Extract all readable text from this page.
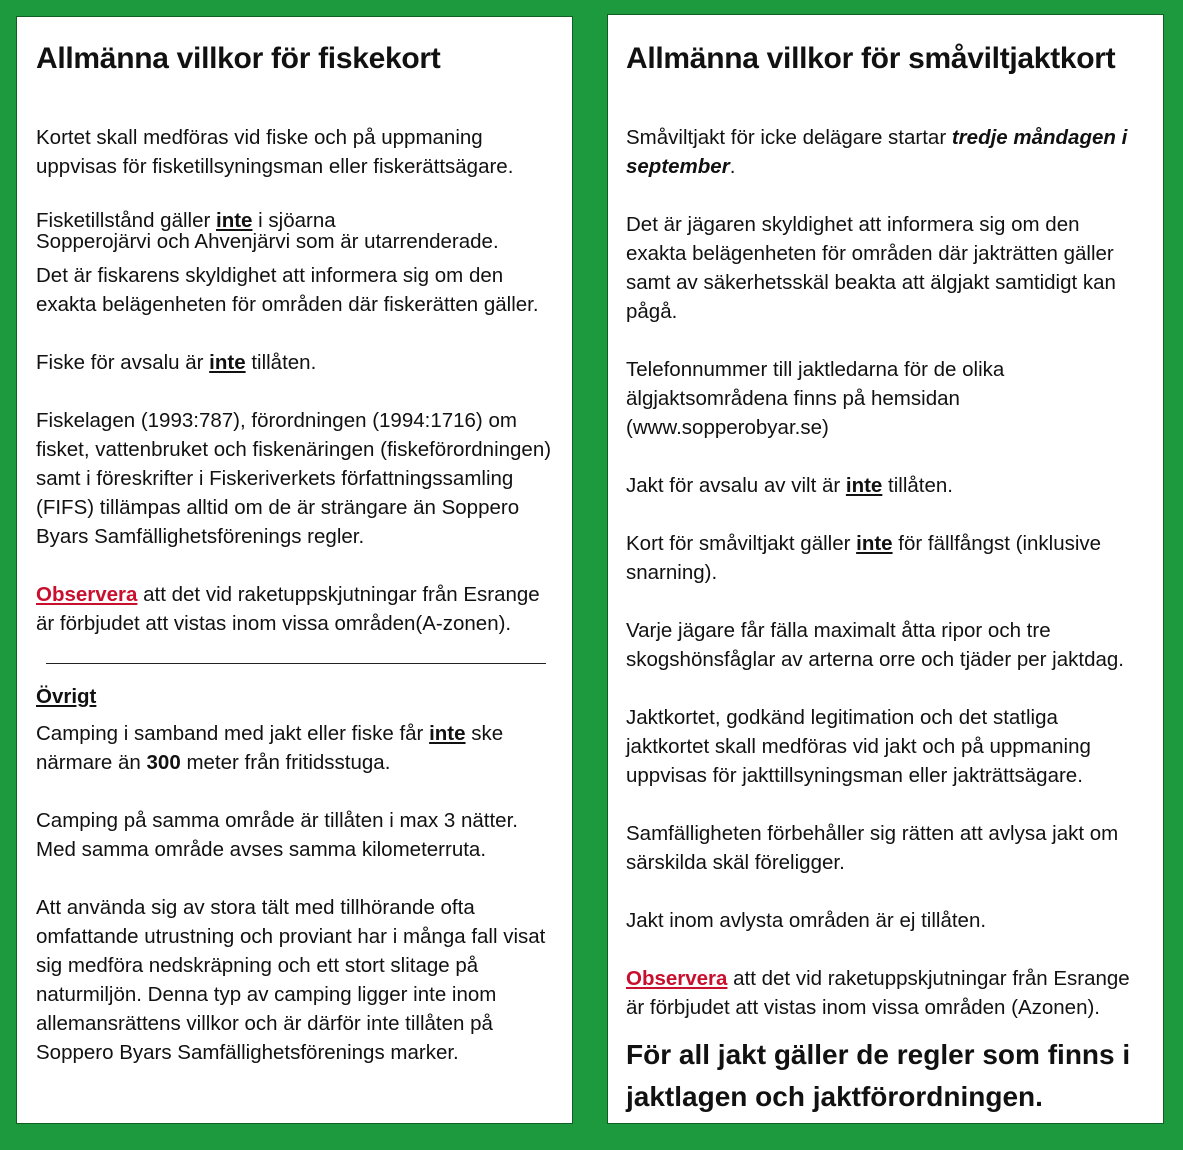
Allmänna villkor för fiskekort

Kortet skall medföras vid fiske och på uppmaning uppvisas för fisketillsyningsman eller fiskerättsägare.

Fisketillstånd gäller inte i sjöarna
Sopperojärvi och Ahvenjärvi som är utarrenderade.

Det är fiskarens skyldighet att informera sig om den exakta belägenheten för områden där fiskerätten gäller.

Fiske för avsalu är inte tillåten.

Fiskelagen (1993:787), förordningen (1994:1716) om fisket, vattenbruket och fiskenäringen (fiskeförordningen) samt i föreskrifter i Fiskeriverkets författningssamling (FIFS) tillämpas alltid om de är strängare än Soppero Byars Samfällighetsförenings regler.

Observera att det vid raketuppskjutningar från Esrange är förbjudet att vistas inom vissa områden(A-zonen).

Övrigt

Camping i samband med jakt eller fiske får inte ske närmare än 300 meter från fritidsstuga.

Camping på samma område är tillåten i max 3 nätter. Med samma område avses samma kilometerruta.

Att använda sig av stora tält med tillhörande ofta omfattande utrustning och proviant har i många fall visat sig medföra nedskräpning och ett stort slitage på naturmiljön. Denna typ av camping ligger inte inom allemansrättens villkor och är därför inte tillåten på Soppero Byars Samfällighetsförenings marker.

Allmänna villkor för småviltjaktkort

Småviltjakt för icke delägare startar tredje måndagen i september.

Det är jägaren skyldighet att informera sig om den exakta belägenheten för områden där jakträtten gäller samt av säkerhetsskäl beakta att älgjakt samtidigt kan pågå.

Telefonnummer till jaktledarna för de olika älgjaktsområdena finns på hemsidan (www.sopperobyar.se)

Jakt för avsalu av vilt är inte tillåten.

Kort för småviltjakt gäller inte för fällfångst (inklusive snarning).

Varje jägare får fälla maximalt åtta ripor och tre skogshönsfåglar av arterna orre och tjäder per jaktdag.

Jaktkortet, godkänd legitimation och det statliga jaktkortet skall medföras vid jakt och på uppmaning uppvisas för jakttillsyningsman eller jakträttsägare.

Samfälligheten förbehåller sig rätten att avlysa jakt om särskilda skäl föreligger.

Jakt inom avlysta områden är ej tillåten.

Observera att det vid raketuppskjutningar från Esrange är förbjudet att vistas inom vissa områden (Azonen).

För all jakt gäller de regler som finns i jaktlagen och jaktförordningen.
